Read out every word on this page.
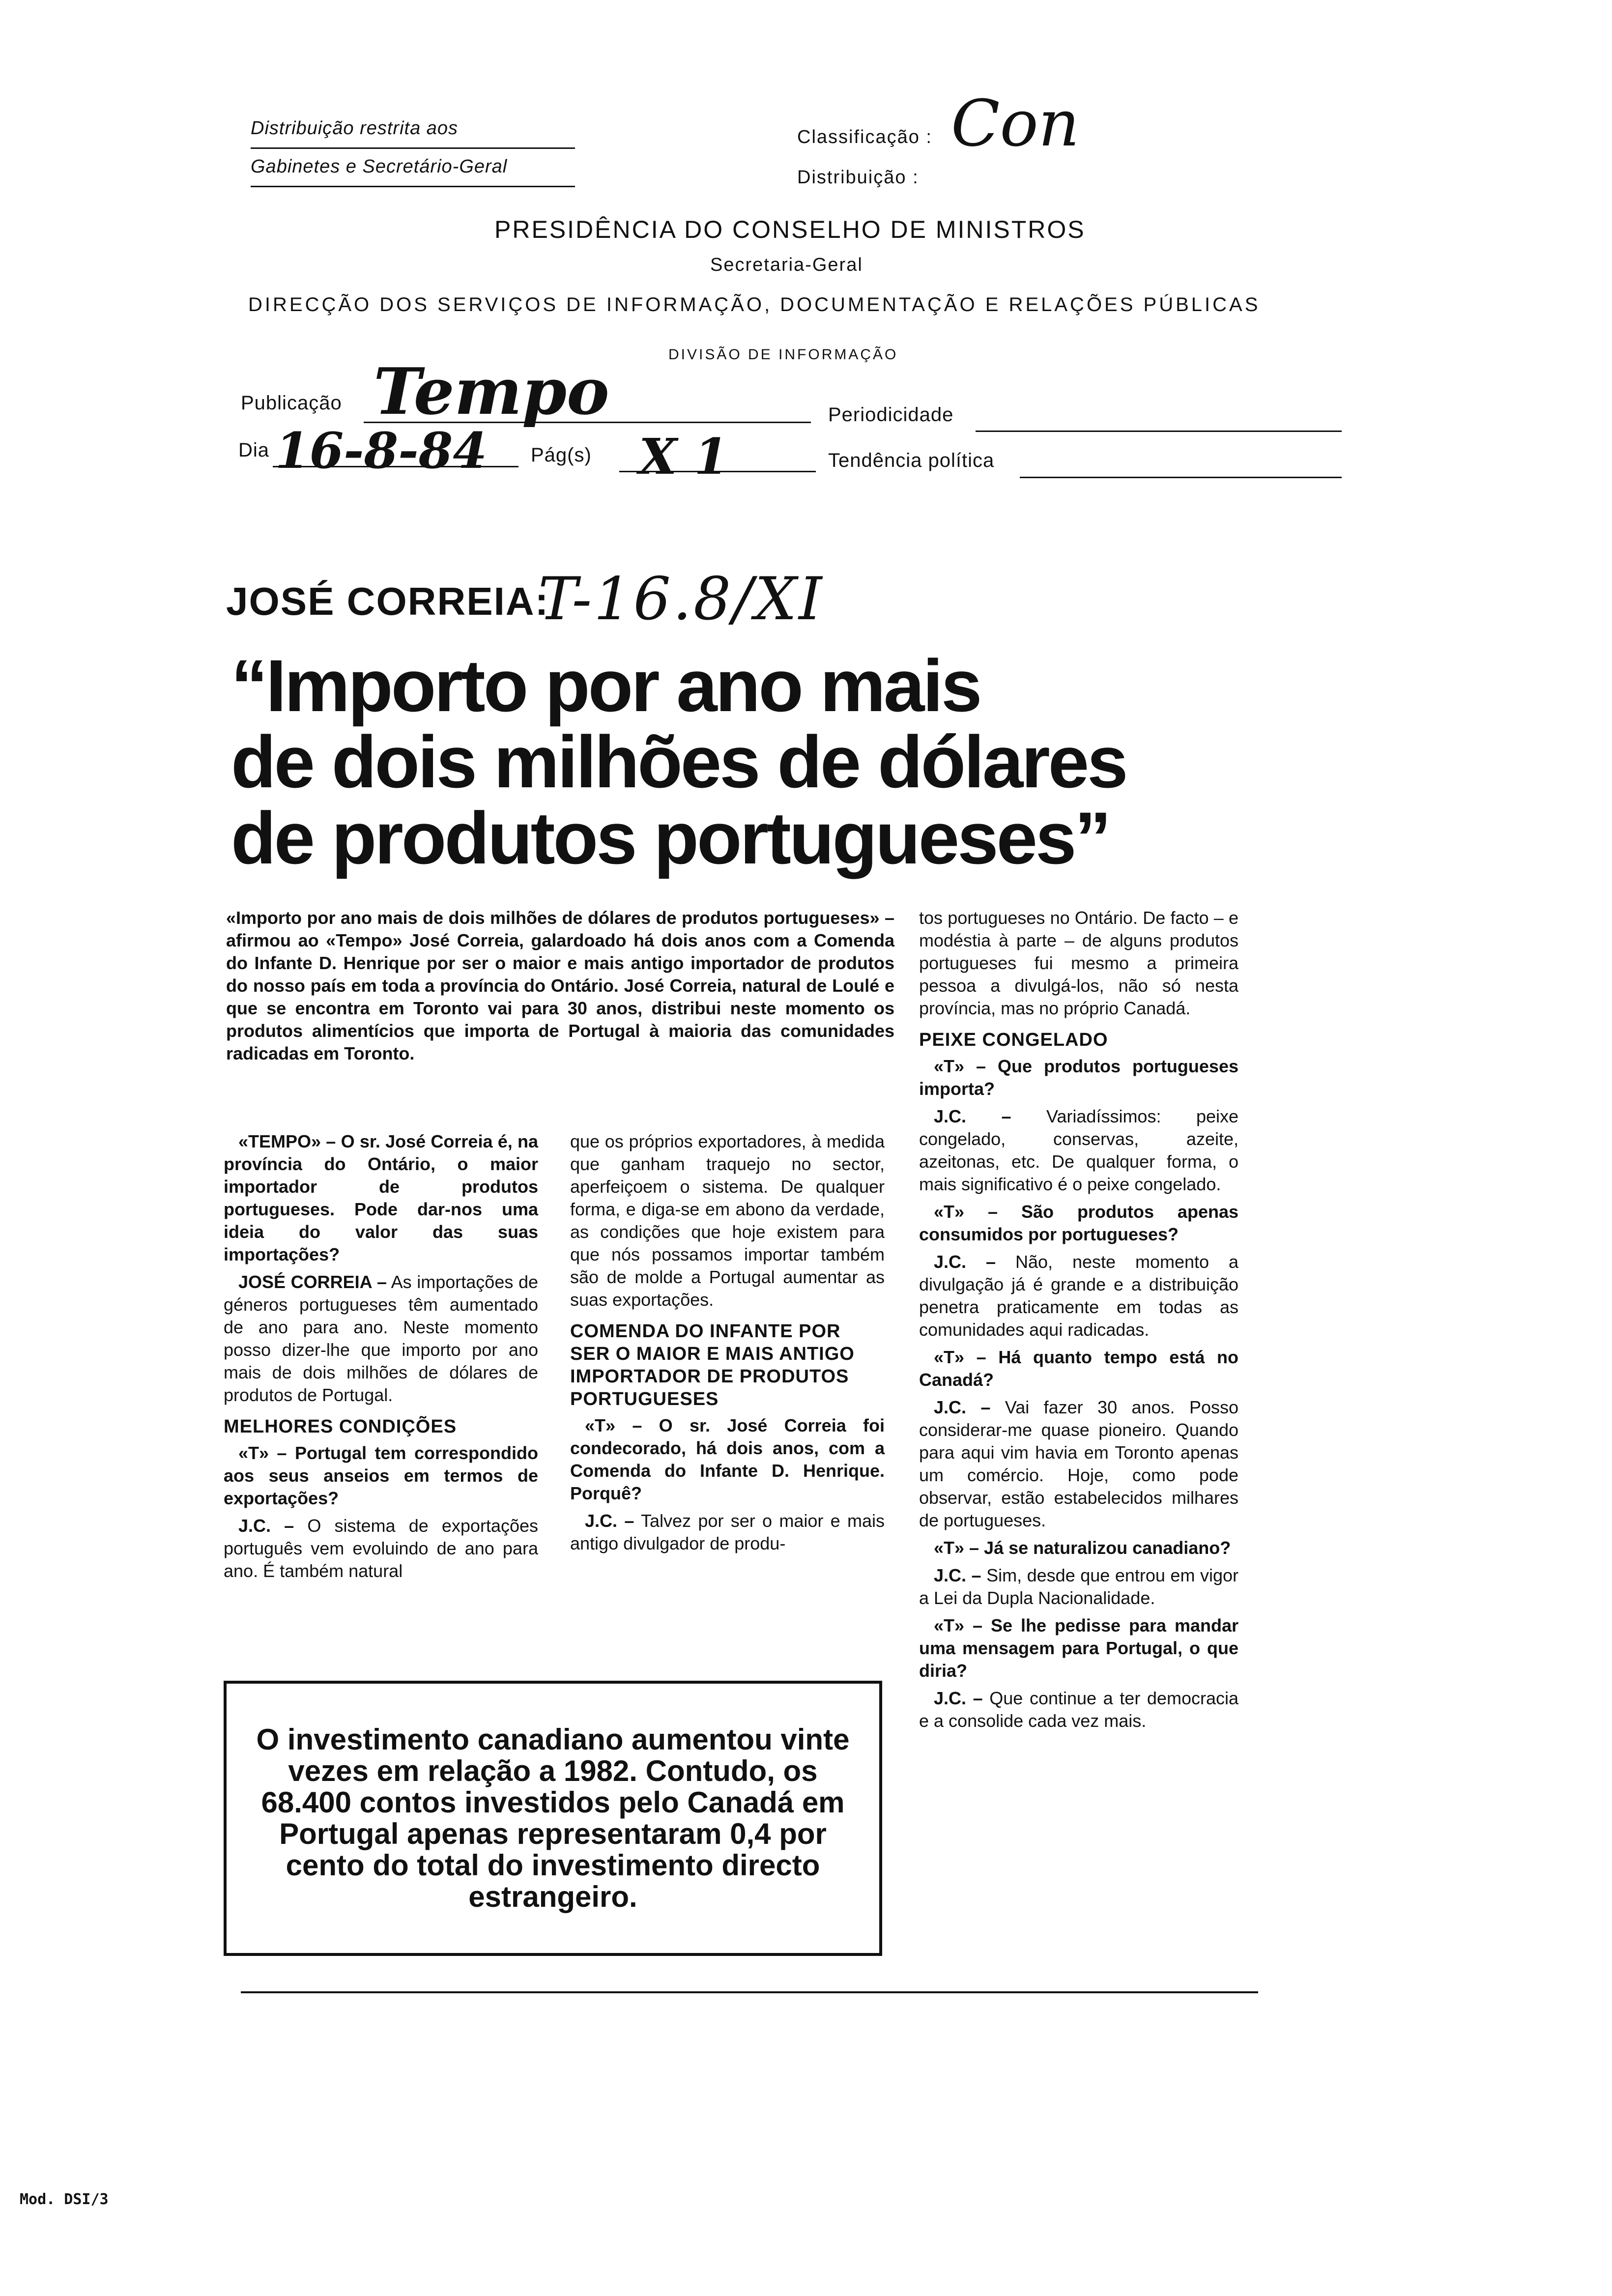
Distribuição restrita aos
Gabinetes e Secretário-Geral
Classificação : Con
Distribuição :
PRESIDÊNCIA DO CONSELHO DE MINISTROS
Secretaria-Geral
DIRECÇÃO DOS SERVIÇOS DE INFORMAÇÃO, DOCUMENTAÇÃO E RELAÇÕES PÚBLICAS
DIVISÃO DE INFORMAÇÃO
Publicação Tempo	Periodicidade
Dia 16-8-84 Pág(s) X 1	Tendência política
JOSÉ CORREIA:
T-16.8/XI
“Importo por ano mais
de dois milhões de dólares
de produtos portugueses”
«Importo por ano mais de dois milhões de dólares de produtos portugueses» – afirmou ao «Tempo» José Correia, galardoado há dois anos com a Comenda do Infante D. Henrique por ser o maior e mais antigo importador de produtos do nosso país em toda a província do Ontário. José Correia, natural de Loulé e que se encontra em Toronto vai para 30 anos, distribui neste momento os produtos alimentícios que importa de Portugal à maioria das comunidades radicadas em Toronto.

«TEMPO» – O sr. José Correia é, na província do Ontário, o maior importador de produtos portugueses. Pode dar-nos uma ideia do valor das suas importações?

JOSÉ CORREIA – As importações de géneros portugueses têm aumentado de ano para ano. Neste momento posso dizer-lhe que importo por ano mais de dois milhões de dólares de produtos de Portugal.

MELHORES CONDIÇÕES

«T» – Portugal tem correspondido aos seus anseios em termos de exportações?

J.C. – O sistema de exportações português vem evoluindo de ano para ano. É também natural

que os próprios exportadores, à medida que ganham traquejo no sector, aperfeiçoem o sistema. De qualquer forma, e diga-se em abono da verdade, as condições que hoje existem para que nós possamos importar também são de molde a Portugal aumentar as suas exportações.

COMENDA DO INFANTE POR SER O MAIOR E MAIS ANTIGO IMPORTADOR DE PRODUTOS PORTUGUESES

«T» – O sr. José Correia foi condecorado, há dois anos, com a Comenda do Infante D. Henrique. Porquê?

J.C. – Talvez por ser o maior e mais antigo divulgador de produ-

tos portugueses no Ontário. De facto – e modéstia à parte – de alguns produtos portugueses fui mesmo a primeira pessoa a divulgá-los, não só nesta província, mas no próprio Canadá.

PEIXE CONGELADO

«T» – Que produtos portugueses importa?

J.C. – Variadíssimos: peixe congelado, conservas, azeite, azeitonas, etc. De qualquer forma, o mais significativo é o peixe congelado.

«T» – São produtos apenas consumidos por portugueses?

J.C. – Não, neste momento a divulgação já é grande e a distribuição penetra praticamente em todas as comunidades aqui radicadas.

«T» – Há quanto tempo está no Canadá?

J.C. – Vai fazer 30 anos. Posso considerar-me quase pioneiro. Quando para aqui vim havia em Toronto apenas um comércio. Hoje, como pode observar, estão estabelecidos milhares de portugueses.

«T» – Já se naturalizou canadiano?

J.C. – Sim, desde que entrou em vigor a Lei da Dupla Nacionalidade.

«T» – Se lhe pedisse para mandar uma mensagem para Portugal, o que diria?

J.C. – Que continue a ter democracia e a consolide cada vez mais.

O investimento canadiano aumentou vinte vezes em relação a 1982. Contudo, os 68.400 contos investidos pelo Canadá em Portugal apenas representaram 0,4 por cento do total do investimento directo estrangeiro.
Mod. DSI/3
